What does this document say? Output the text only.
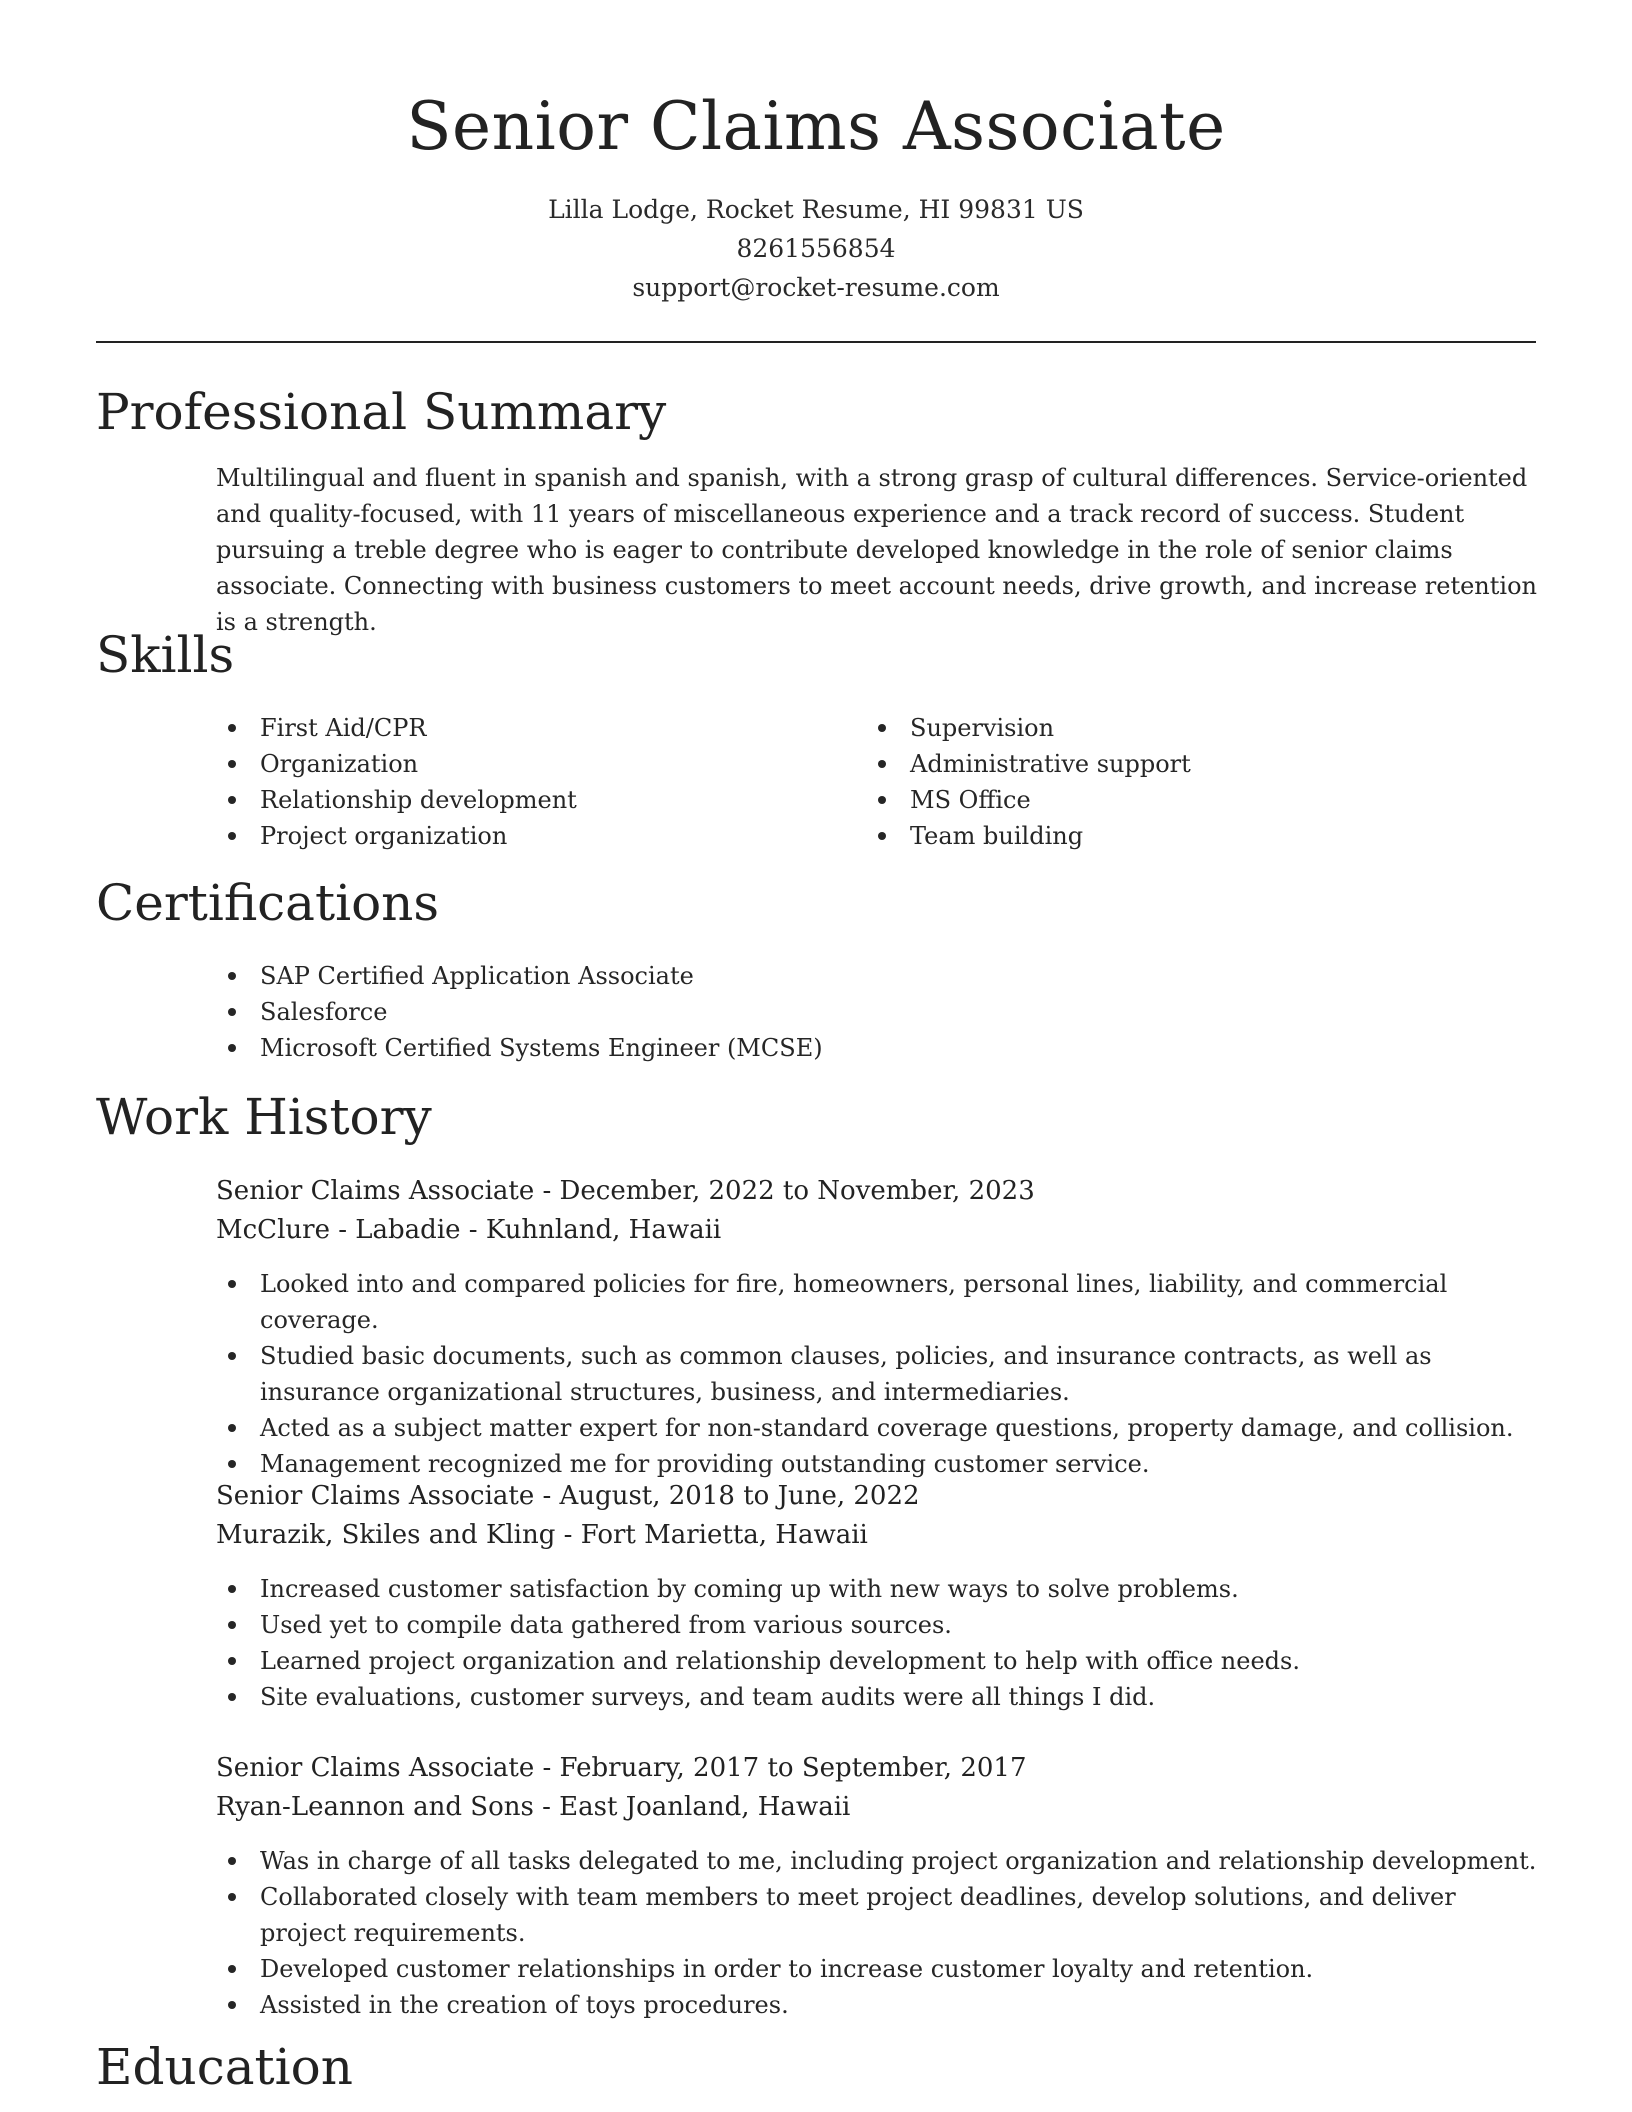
Senior Claims Associate
Lilla Lodge, Rocket Resume, HI 99831 US
8261556854
support@rocket-resume.com
Professional Summary

Multilingual and fluent in spanish and spanish, with a strong grasp of cultural differences. Service-oriented and quality-focused, with 11 years of miscellaneous experience and a track record of success. Student pursuing a treble degree who is eager to contribute developed knowledge in the role of senior claims associate. Connecting with business customers to meet account needs, drive growth, and increase retention is a strength.

Skills
First Aid/CPR
Organization
Relationship development
Project organization
Supervision
Administrative support
MS Office
Team building
Certifications
SAP Certified Application Associate
Salesforce
Microsoft Certified Systems Engineer (MCSE)
Work History
Senior Claims Associate - December, 2022 to November, 2023
McClure - Labadie - Kuhnland, Hawaii
Looked into and compared policies for fire, homeowners, personal lines, liability, and commercial coverage.
Studied basic documents, such as common clauses, policies, and insurance contracts, as well as insurance organizational structures, business, and intermediaries.
Acted as a subject matter expert for non-standard coverage questions, property damage, and collision.
Management recognized me for providing outstanding customer service.
Senior Claims Associate - August, 2018 to June, 2022
Murazik, Skiles and Kling - Fort Marietta, Hawaii
Increased customer satisfaction by coming up with new ways to solve problems.
Used yet to compile data gathered from various sources.
Learned project organization and relationship development to help with office needs.
Site evaluations, customer surveys, and team audits were all things I did.
Senior Claims Associate - February, 2017 to September, 2017
Ryan-Leannon and Sons - East Joanland, Hawaii
Was in charge of all tasks delegated to me, including project organization and relationship development.
Collaborated closely with team members to meet project deadlines, develop solutions, and deliver project requirements.
Developed customer relationships in order to increase customer loyalty and retention.
Assisted in the creation of toys procedures.
Education
